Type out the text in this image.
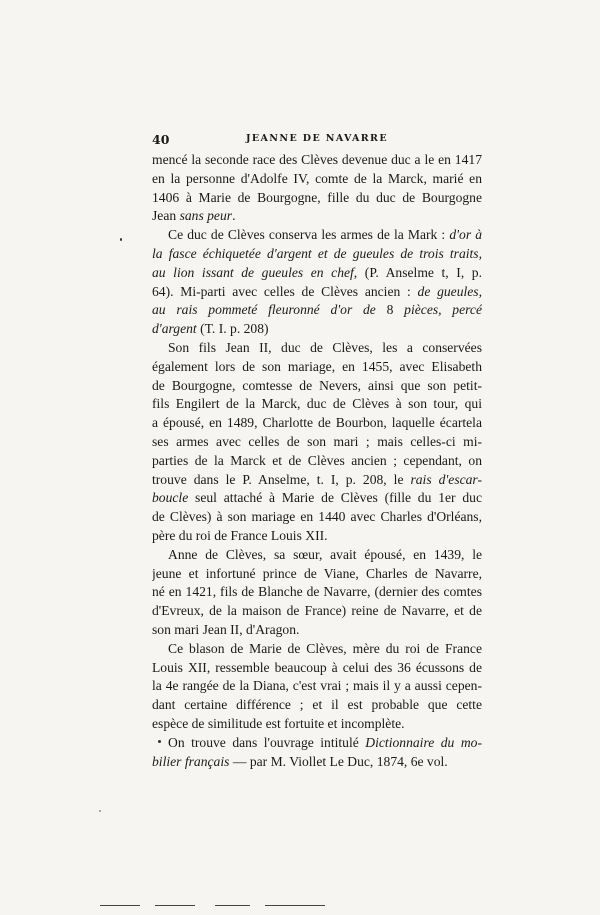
40	JEANNE DE NAVARRE
mencé la seconde race des Clèves devenue duc a le en 1417
en la personne d'Adolfe IV, comte de la Marck, marié en
1406 à Marie de Bourgogne, fille du duc de Bourgogne
Jean sans peur.
Ce duc de Clèves conserva les armes de la Mark : d'or à
la fasce échiquetée d'argent et de gueules de trois traits,
au lion issant de gueules en chef, (P. Anselme t, I, p.
64). Mi-parti avec celles de Clèves ancien : de gueules,
au rais pommeté fleuronné d'or de 8 pièces, percé
d'argent (T. I. p. 208)
Son fils Jean II, duc de Clèves, les a conservées
également lors de son mariage, en 1455, avec Elisabeth
de Bourgogne, comtesse de Nevers, ainsi que son petit-
fils Engilert de la Marck, duc de Clèves à son tour, qui
a épousé, en 1489, Charlotte de Bourbon, laquelle écartela
ses armes avec celles de son mari ; mais celles-ci mi-
parties de la Marck et de Clèves ancien ; cependant, on
trouve dans le P. Anselme, t. I, p. 208, le rais d'escar-
boucle seul attaché à Marie de Clèves (fille du 1er duc
de Clèves) à son mariage en 1440 avec Charles d'Orléans,
père du roi de France Louis XII.
Anne de Clèves, sa sœur, avait épousé, en 1439, le
jeune et infortuné prince de Viane, Charles de Navarre,
né en 1421, fils de Blanche de Navarre, (dernier des comtes
d'Evreux, de la maison de France) reine de Navarre, et de
son mari Jean II, d'Aragon.
Ce blason de Marie de Clèves, mère du roi de France
Louis XII, ressemble beaucoup à celui des 36 écussons de
la 4e rangée de la Diana, c'est vrai ; mais il y a aussi cepen-
dant certaine différence ; et il est probable que cette
espèce de similitude est fortuite et incomplète.
On trouve dans l'ouvrage intitulé Dictionnaire du mo-
bilier français — par M. Viollet Le Duc, 1874, 6e vol.
